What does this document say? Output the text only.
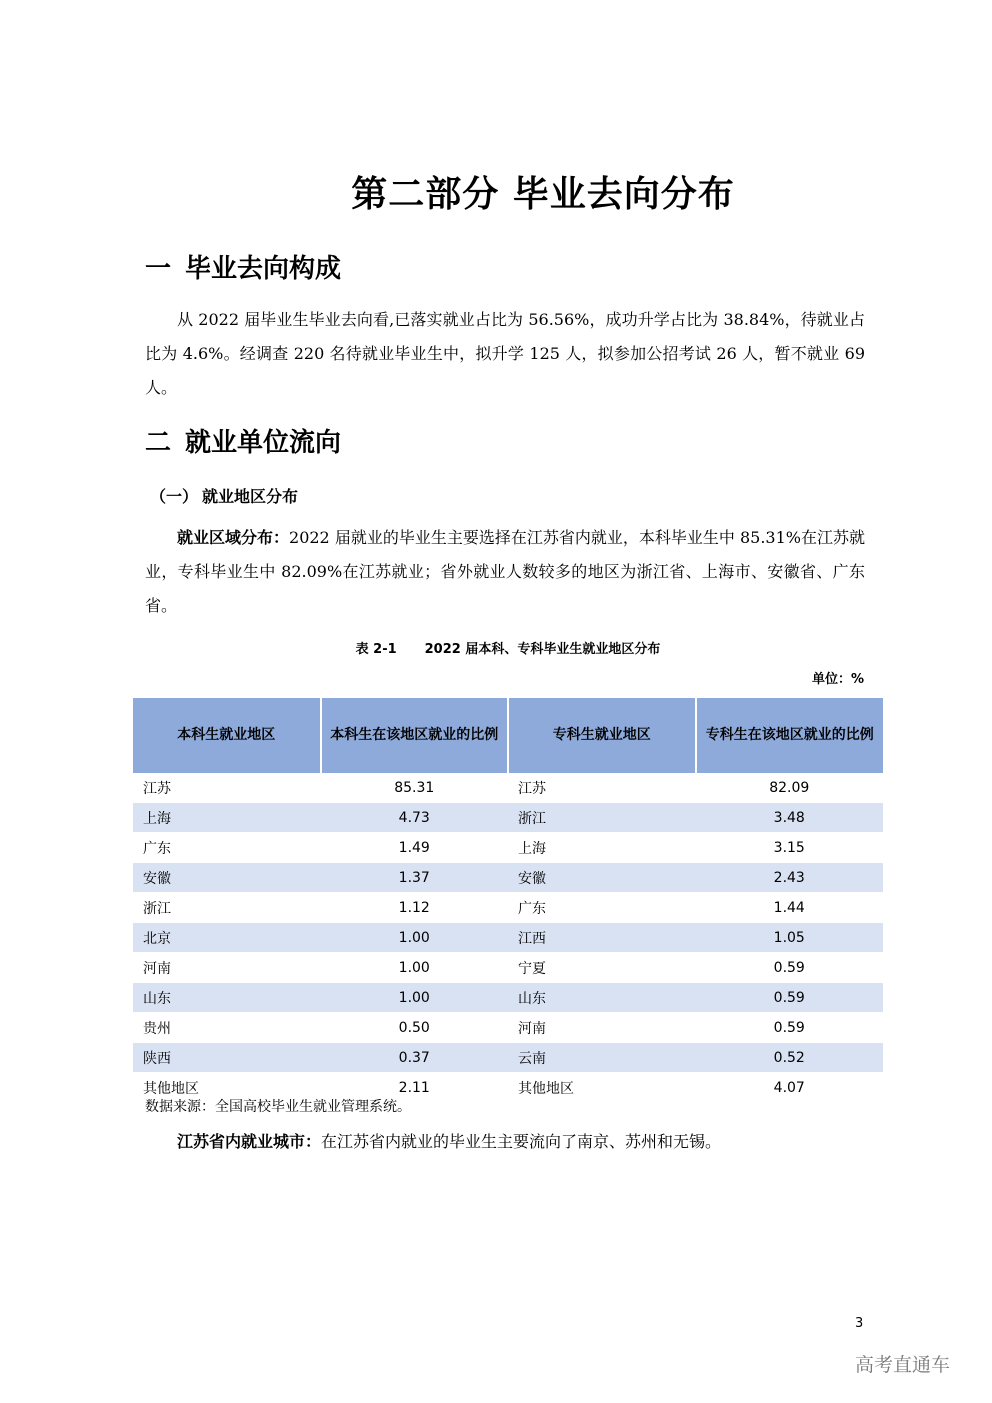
第二部分 毕业去向分布
一 毕业去向构成
从 2022 届毕业生毕业去向看,已落实就业占比为 56.56%，成功升学占比为 38.84%，待就业占比为 4.6%。经调查 220 名待就业毕业生中，拟升学 125 人，拟参加公招考试 26 人，暂不就业 69 人。
二 就业单位流向
（一） 就业地区分布
就业区域分布：2022 届就业的毕业生主要选择在江苏省内就业，本科毕业生中 85.31%在江苏就业，专科毕业生中 82.09%在江苏就业；省外就业人数较多的地区为浙江省、上海市、安徽省、广东省。
表 2-1 2022 届本科、专科毕业生就业地区分布
单位：%
本科生就业地区	本科生在该地区就业的比例	专科生就业地区	专科生在该地区就业的比例
江苏	85.31	江苏	82.09
上海	4.73	浙江	3.48
广东	1.49	上海	3.15
安徽	1.37	安徽	2.43
浙江	1.12	广东	1.44
北京	1.00	江西	1.05
河南	1.00	宁夏	0.59
山东	1.00	山东	0.59
贵州	0.50	河南	0.59
陕西	0.37	云南	0.52
其他地区	2.11	其他地区	4.07
数据来源：全国高校毕业生就业管理系统。
江苏省内就业城市：在江苏省内就业的毕业生主要流向了南京、苏州和无锡。
3
高考直通车
